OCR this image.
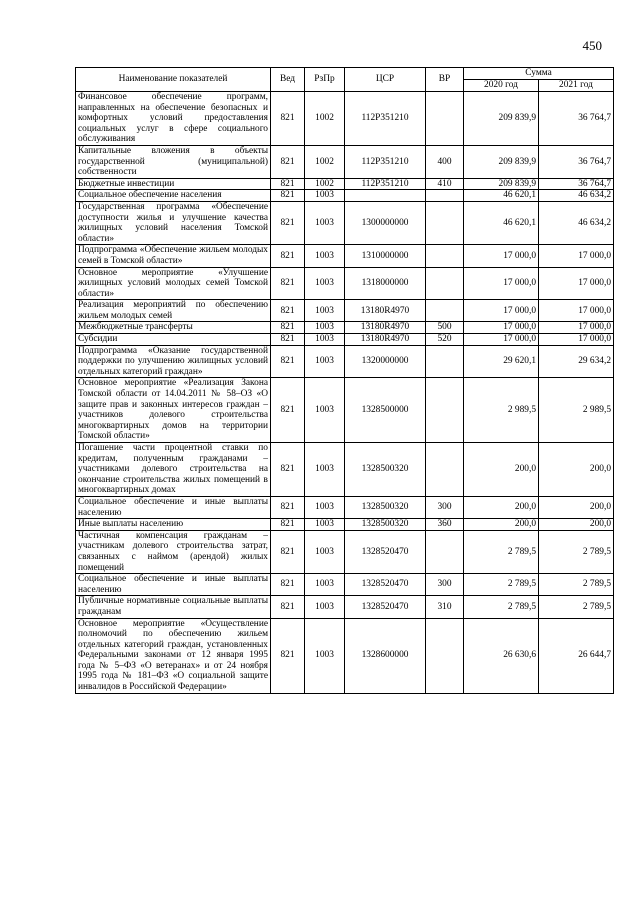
450
Наименование показателей	Вед	РзПр	ЦСР	ВР	Сумма	
					2020 год	2021 год
Финансовое обеспечение программ, направленных на обеспечение безопасных и комфортных условий предоставления социальных услуг в сфере социального обслуживания	821	1002	112Р351210		209 839,9	36 764,7
Капитальные вложения в объекты государственной (муниципальной) собственности	821	1002	112Р351210	400	209 839,9	36 764,7
Бюджетные инвестиции	821	1002	112Р351210	410	209 839,9	36 764,7
Социальное обеспечение населения	821	1003			46 620,1	46 634,2
Государственная программа «Обеспечение доступности жилья и улучшение качества жилищных условий населения Томской области»	821	1003	1300000000		46 620,1	46 634,2
Подпрограмма «Обеспечение жильем молодых семей в Томской области»	821	1003	1310000000		17 000,0	17 000,0
Основное мероприятие «Улучшение жилищных условий молодых семей Томской области»	821	1003	1318000000		17 000,0	17 000,0
Реализация мероприятий по обеспечению жильем молодых семей	821	1003	13180R4970		17 000,0	17 000,0
Межбюджетные трансферты	821	1003	13180R4970	500	17 000,0	17 000,0
Субсидии	821	1003	13180R4970	520	17 000,0	17 000,0
Подпрограмма «Оказание государственной поддержки по улучшению жилищных условий отдельных категорий граждан»	821	1003	1320000000		29 620,1	29 634,2
Основное мероприятие «Реализация Закона Томской области от 14.04.2011 № 58–ОЗ «О защите прав и законных интересов граждан – участников долевого строительства многоквартирных домов на территории Томской области»	821	1003	1328500000		2 989,5	2 989,5
Погашение части процентной ставки по кредитам, полученным гражданами – участниками долевого строительства на окончание строительства жилых помещений в многоквартирных домах	821	1003	1328500320		200,0	200,0
Социальное обеспечение и иные выплаты населению	821	1003	1328500320	300	200,0	200,0
Иные выплаты населению	821	1003	1328500320	360	200,0	200,0
Частичная компенсация гражданам – участникам долевого строительства затрат, связанных с наймом (арендой) жилых помещений	821	1003	1328520470		2 789,5	2 789,5
Социальное обеспечение и иные выплаты населению	821	1003	1328520470	300	2 789,5	2 789,5
Публичные нормативные социальные выплаты гражданам	821	1003	1328520470	310	2 789,5	2 789,5
Основное мероприятие «Осуществление полномочий по обеспечению жильем отдельных категорий граждан, установленных Федеральными законами от 12 января 1995 года № 5–ФЗ «О ветеранах» и от 24 ноября 1995 года № 181–ФЗ «О социальной защите инвалидов в Российской Федерации»	821	1003	1328600000		26 630,6	26 644,7
